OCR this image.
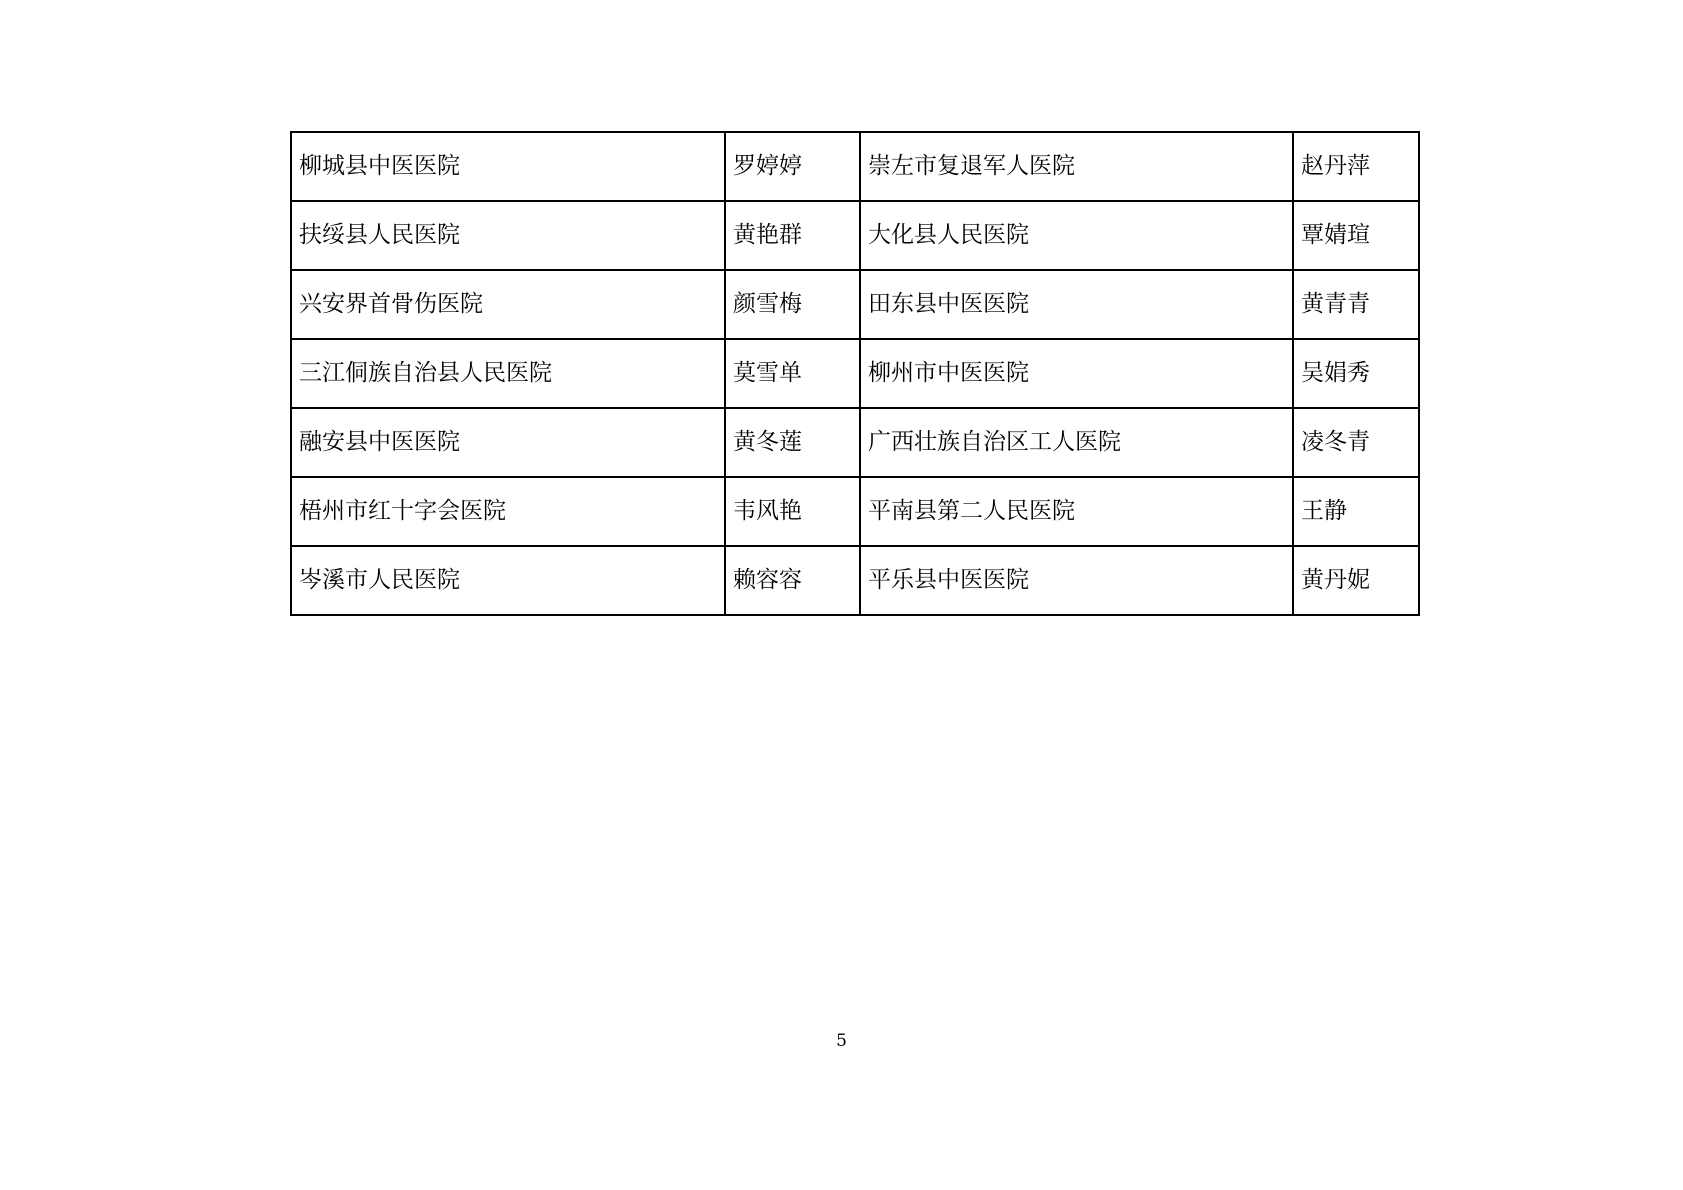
柳城县中医医院	罗婷婷	崇左市复退军人医院	赵丹萍
扶绥县人民医院	黄艳群	大化县人民医院	覃婧瑄
兴安界首骨伤医院	颜雪梅	田东县中医医院	黄青青
三江侗族自治县人民医院	莫雪单	柳州市中医医院	吴娟秀
融安县中医医院	黄冬莲	广西壮族自治区工人医院	凌冬青
梧州市红十字会医院	韦风艳	平南县第二人民医院	王静
岑溪市人民医院	赖容容	平乐县中医医院	黄丹妮
5
